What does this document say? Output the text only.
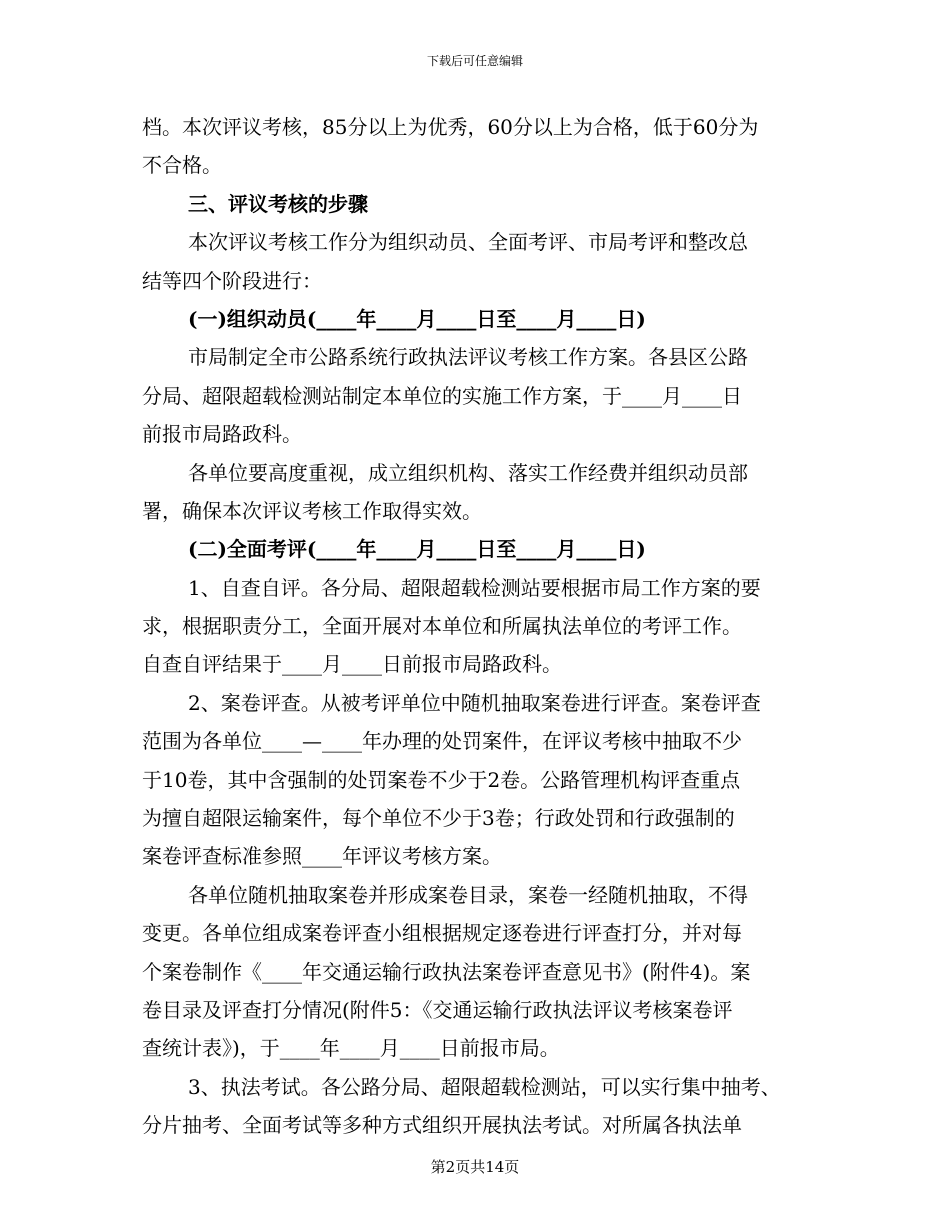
下载后可任意编辑
档。本次评议考核，85分以上为优秀，60分以上为合格，低于60分为
不合格。
三、评议考核的步骤
本次评议考核工作分为组织动员、全面考评、市局考评和整改总
结等四个阶段进行：
(一)组织动员(____年____月____日至____月____日)
市局制定全市公路系统行政执法评议考核工作方案。各县区公路
分局、超限超载检测站制定本单位的实施工作方案，于____月____日
前报市局路政科。
各单位要高度重视，成立组织机构、落实工作经费并组织动员部
署，确保本次评议考核工作取得实效。
(二)全面考评(____年____月____日至____月____日)
1、自查自评。各分局、超限超载检测站要根据市局工作方案的要
求，根据职责分工，全面开展对本单位和所属执法单位的考评工作。
自查自评结果于____月____日前报市局路政科。
2、案卷评查。从被考评单位中随机抽取案卷进行评查。案卷评查
范围为各单位____—____年办理的处罚案件，在评议考核中抽取不少
于10卷，其中含强制的处罚案卷不少于2卷。公路管理机构评查重点
为擅自超限运输案件，每个单位不少于3卷；行政处罚和行政强制的
案卷评查标准参照____年评议考核方案。
各单位随机抽取案卷并形成案卷目录，案卷一经随机抽取，不得
变更。各单位组成案卷评查小组根据规定逐卷进行评查打分，并对每
个案卷制作《____年交通运输行政执法案卷评查意见书》(附件4)。案
卷目录及评查打分情况(附件5：《交通运输行政执法评议考核案卷评
查统计表》)，于____年____月____日前报市局。
3、执法考试。各公路分局、超限超载检测站，可以实行集中抽考、
分片抽考、全面考试等多种方式组织开展执法考试。对所属各执法单
第2页共14页
